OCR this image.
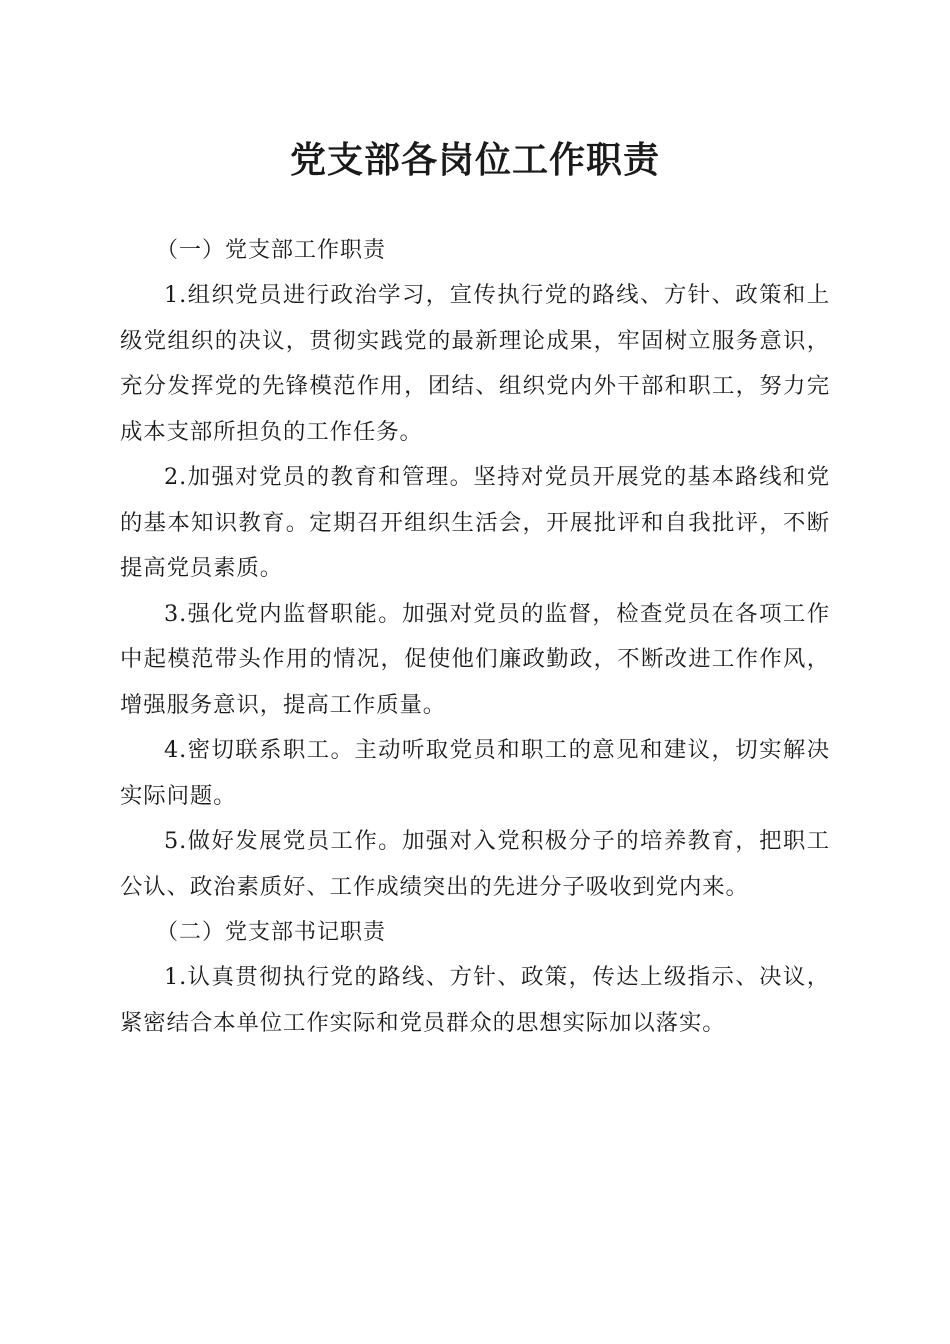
党支部各岗位工作职责

（一）党支部工作职责

1.组织党员进行政治学习，宣传执行党的路线、方针、政策和上级党组织的决议，贯彻实践党的最新理论成果，牢固树立服务意识，充分发挥党的先锋模范作用，团结、组织党内外干部和职工，努力完成本支部所担负的工作任务。

2.加强对党员的教育和管理。坚持对党员开展党的基本路线和党的基本知识教育。定期召开组织生活会，开展批评和自我批评，不断提高党员素质。

3.强化党内监督职能。加强对党员的监督，检查党员在各项工作中起模范带头作用的情况，促使他们廉政勤政，不断改进工作作风，增强服务意识，提高工作质量。

4.密切联系职工。主动听取党员和职工的意见和建议，切实解决实际问题。

5.做好发展党员工作。加强对入党积极分子的培养教育，把职工公认、政治素质好、工作成绩突出的先进分子吸收到党内来。

（二）党支部书记职责

1.认真贯彻执行党的路线、方针、政策，传达上级指示、决议，紧密结合本单位工作实际和党员群众的思想实际加以落实。
